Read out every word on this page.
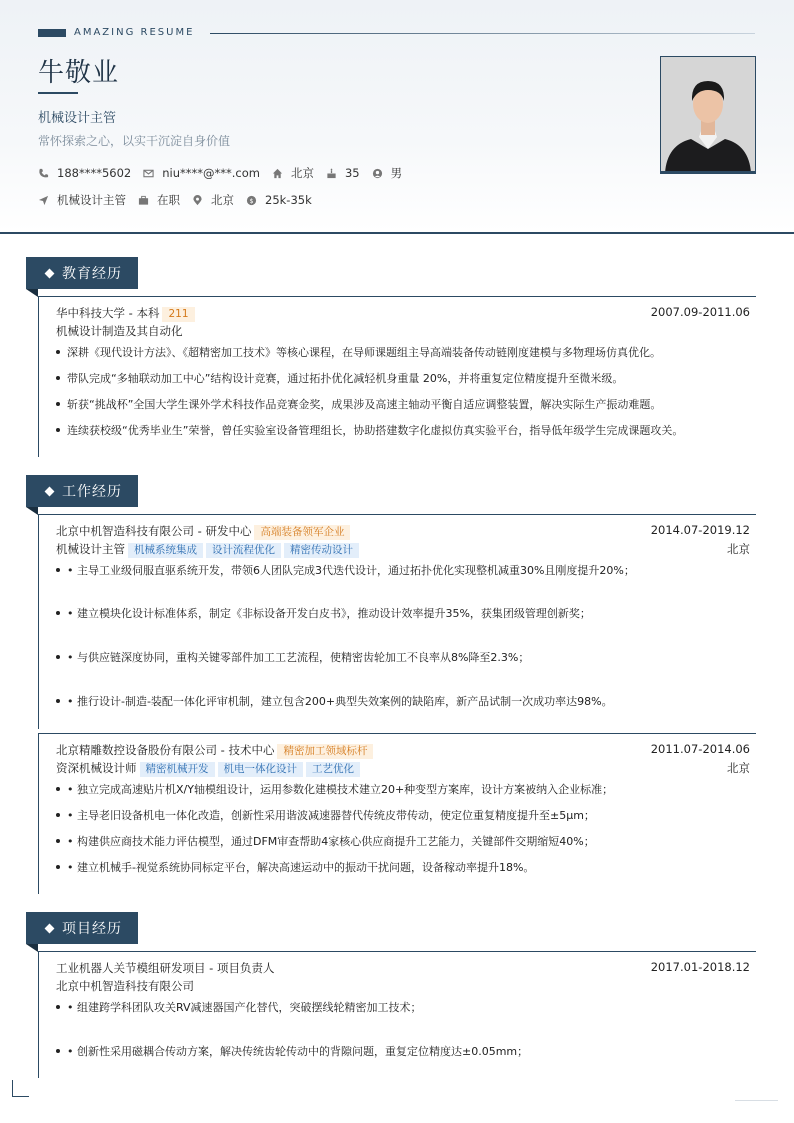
AMAZING RESUME
牛敬业
机械设计主管
常怀探索之心，以实干沉淀自身价值
188****5602	niu****@***.com	北京	35	男
机械设计主管	在职	北京 $ 25k-35k
教育经历
华中科技大学 - 本科 211	2007.09-2011.06
机械设计制造及其自动化
深耕《现代设计方法》、《超精密加工技术》等核心课程，在导师课题组主导高端装备传动链刚度建模与多物理场仿真优化。
带队完成“多轴联动加工中心”结构设计竞赛，通过拓扑优化减轻机身重量 20%，并将重复定位精度提升至微米级。
斩获“挑战杯”全国大学生课外学术科技作品竞赛金奖，成果涉及高速主轴动平衡自适应调整装置，解决实际生产振动难题。
连续获校级“优秀毕业生”荣誉，曾任实验室设备管理组长，协助搭建数字化虚拟仿真实验平台，指导低年级学生完成课题攻关。
工作经历
北京中机智造科技有限公司 - 研发中心 高端装备领军企业	2014.07-2019.12
机械设计主管 机械系统集成 设计流程优化 精密传动设计	北京
• 主导工业级伺服直驱系统开发，带领6人团队完成3代迭代设计，通过拓扑优化实现整机减重30%且刚度提升20%；
• 建立模块化设计标准体系，制定《非标设备开发白皮书》，推动设计效率提升35%，获集团级管理创新奖；
• 与供应链深度协同，重构关键零部件加工工艺流程，使精密齿轮加工不良率从8%降至2.3%；
• 推行设计-制造-装配一体化评审机制，建立包含200+典型失效案例的缺陷库，新产品试制一次成功率达98%。
北京精雕数控设备股份有限公司 - 技术中心 精密加工领域标杆	2011.07-2014.06
资深机械设计师 精密机械开发 机电一体化设计 工艺优化	北京
• 独立完成高速贴片机X/Y轴模组设计，运用参数化建模技术建立20+种变型方案库，设计方案被纳入企业标准；
• 主导老旧设备机电一体化改造，创新性采用谐波减速器替代传统皮带传动，使定位重复精度提升至±5μm；
• 构建供应商技术能力评估模型，通过DFM审查帮助4家核心供应商提升工艺能力，关键部件交期缩短40%；
• 建立机械手-视觉系统协同标定平台，解决高速运动中的振动干扰问题，设备稼动率提升18%。
项目经历
工业机器人关节模组研发项目 - 项目负责人	2017.01-2018.12
北京中机智造科技有限公司
• 组建跨学科团队攻关RV减速器国产化替代，突破摆线轮精密加工技术；
• 创新性采用磁耦合传动方案，解决传统齿轮传动中的背隙问题，重复定位精度达±0.05mm；
